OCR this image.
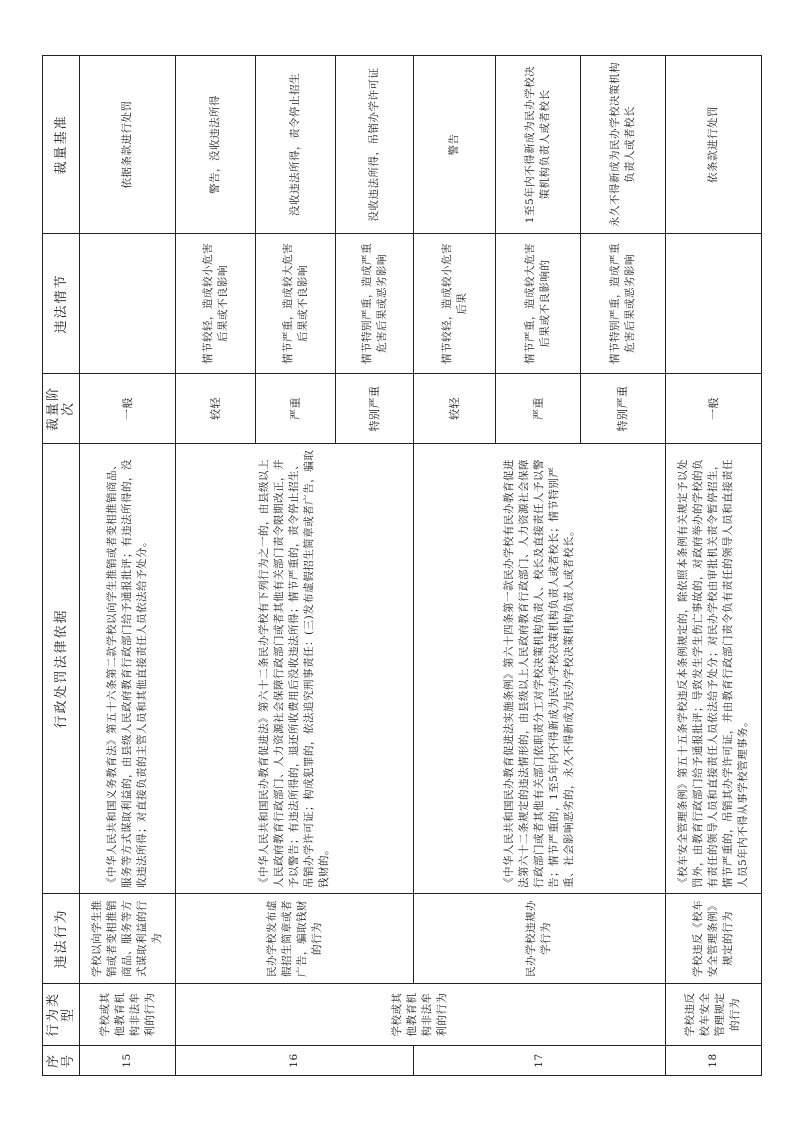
序号	行为类型	违法行为	行政处罚法律依据	裁量阶次	违法情节	裁量基准
15	学校或其他教育机构非法牟利的行为	学校以向学生推销或者变相推销商品、服务等方式谋取利益的行为	《中华人民共和国义务教育法》第五十六条第二款学校以向学生推销或者变相推销商品、服务等方式谋取利益的，由县级人民政府教育行政部门给予通报批评；有违法所得的，没收违法所得；对直接负责的主管人员和其他直接责任人员依法给予处分。	一般		依据条款进行处罚
16	学校或其他教育机构非法牟利的行为	民办学校发布虚假招生简章或者广告，骗取钱财的行为	《中华人民共和国民办教育促进法》第六十二条民办学校有下列行为之一的，由县级以上人民政府教育行政部门、人力资源社会保障行政部门或者其他有关部门责令限期改正，并予以警告；有违法所得的，退还所收费用后没收违法所得；情节严重的，责令停止招生、吊销办学许可证；构成犯罪的，依法追究刑事责任：(三)发布虚假招生简章或者广告，骗取钱财的。	较轻	情节较轻，造成较小危害后果或不良影响	警告，没收违法所得
				严重	情节严重，造成较大危害后果或不良影响	没收违法所得，责令停止招生
				特别严重	情节特别严重，造成严重危害后果或恶劣影响	没收违法所得，吊销办学许可证
17		民办学校违规办学行为	《中华人民共和国民办教育促进法实施条例》第六十四条第一款民办学校有民办教育促进法第六十二条规定的违法情形的，由县级以上人民政府教育行政部门、人力资源社会保障行政部门或者其他有关部门依职责分工对学校决策机构负责人、校长及直接责任人予以警告；情节严重的，1至5年内不得新成为民办学校决策机构负责人或者校长；情节特别严重、社会影响恶劣的，永久不得新成为民办学校决策机构负责人或者校长。	较轻	情节较轻，造成较小危害后果	警告
				严重	情节严重，造成较大危害后果或不良影响的	1至5年内不得新成为民办学校决策机构负责人或者校长
				特别严重	情节特别严重，造成严重危害后果或恶劣影响	永久不得新成为民办学校决策机构负责人或者校长
18	学校违反校车安全管理规定的行为	学校违反《校车安全管理条例》规定的行为	《校车安全管理条例》第五十五条学校违反本条例规定的，除依照本条例有关规定予以处罚外，由教育行政部门给予通报批评；导致发生学生伤亡事故的，对政府举办的学校的负有责任的领导人员和直接责任人员依法给予处分；对民办学校由审批机关责令暂停招生，情节严重的，吊销其办学许可证，并由教育行政部门责令负有责任的领导人员和直接责任人员5年内不得从事学校管理事务。	一般		依条款进行处罚
